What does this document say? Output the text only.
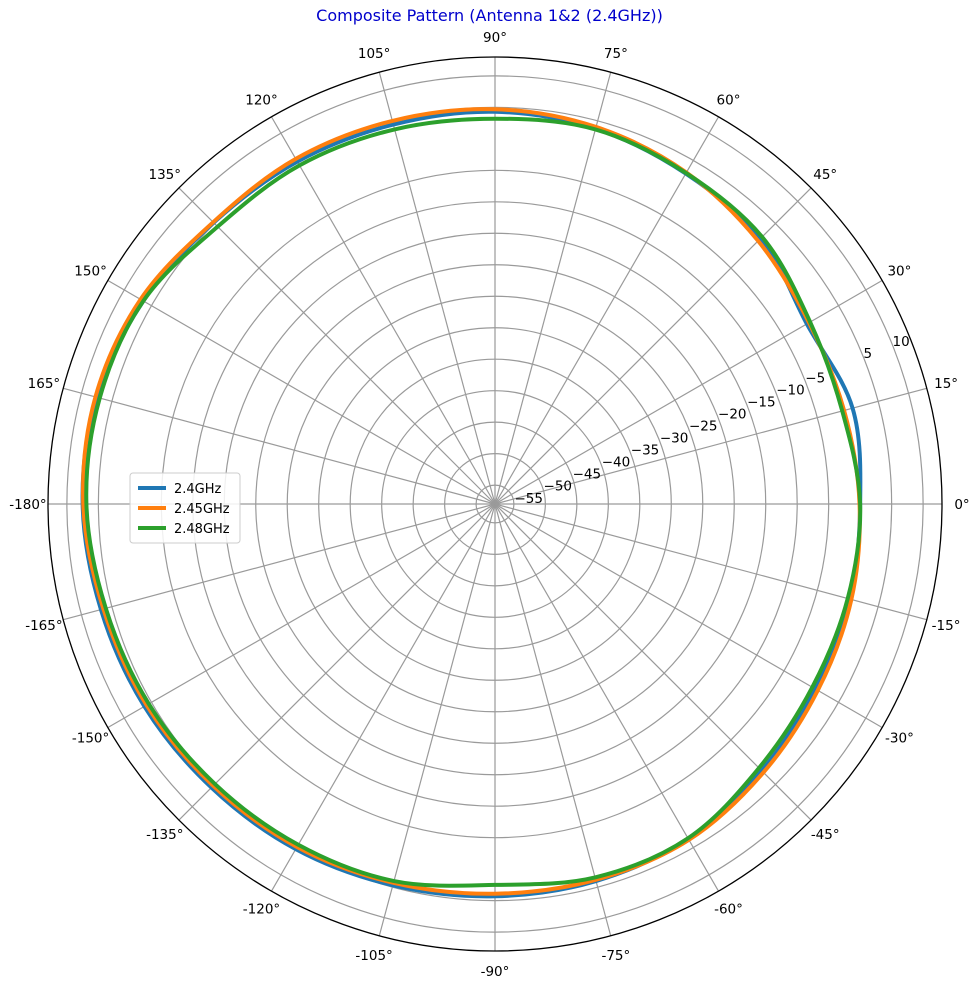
Composite Pattern (Antenna 1&2 (2.4GHz))
0°
15°
30°
45°
60°
75°
90°
105°
120°
135°
150°
165°
-180°
-165°
-150°
-135°
-120°
-105°
-90°
-75°
-60°
-45°
-30°
-15°
−55
−50
−45
−40
−35
−30
−25
−20
−15
−10
−5
5
10
2.4GHz
2.45GHz
2.48GHz
